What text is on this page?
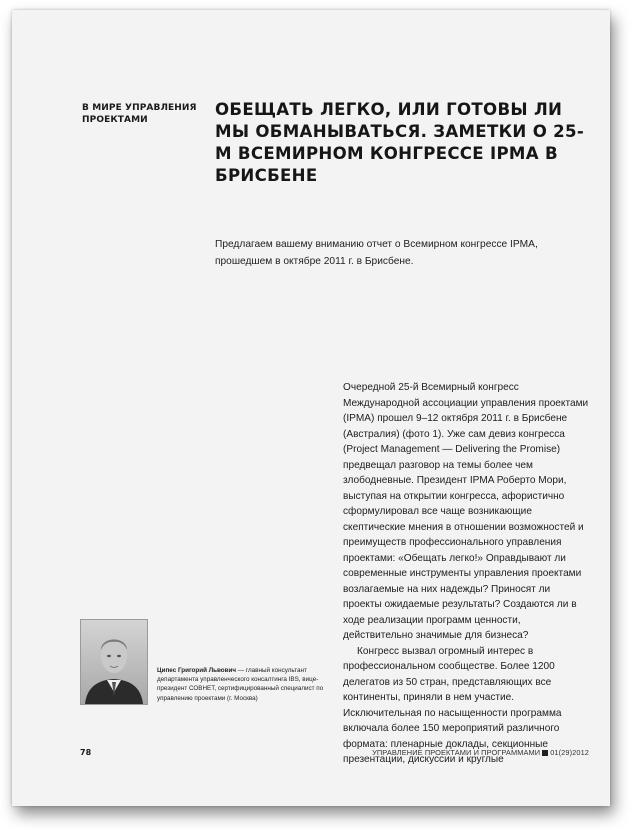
В МИРЕ УПРАВЛЕНИЯ ПРОЕКТАМИ
ОБЕЩАТЬ ЛЕГКО, ИЛИ ГОТОВЫ ЛИ МЫ ОБМАНЫВАТЬСЯ. ЗАМЕТКИ О 25-М ВСЕМИРНОМ КОНГРЕССЕ IPMA В БРИСБЕНЕ
Предлагаем вашему вниманию отчет о Всемирном конгрессе IPMA, прошедшем в октябре 2011 г. в Брисбене.

Очередной 25-й Всемирный конгресс Международной ассоциации управления проектами (IPMA) прошел 9–12 октября 2011 г. в Брисбене (Австралия) (фото 1). Уже сам девиз конгресса (Project Management — Delivering the Promise) предвещал разговор на темы более чем злободневные. Президент IPMA Роберто Мори, выступая на открытии конгресса, афористично сформулировал все чаще возникающие скептические мнения в отношении возможностей и преимуществ профессионального управления проектами: «Обещать легко!» Оправдывают ли современные инструменты управления проектами возлагаемые на них надежды? Приносят ли проекты ожидаемые результаты? Создаются ли в ходе реализации программ ценности, действительно значимые для бизнеса?

Конгресс вызвал огромный интерес в профессиональном сообществе. Более 1200 делегатов из 50 стран, представляющих все континенты, приняли в нем участие. Исключительная по насыщенности программа включала более 150 мероприятий различного формата: пленарные доклады, секционные презентации, дискуссии и круглые

Ципес Григорий Львович — главный консультант департамента управленческого консалтинга IBS, вице-президент СОВНЕТ, сертифицированный специалист по управлению проектами (г. Москва)
78	УПРАВЛЕНИЕ ПРОЕКТАМИ И ПРОГРАММАМИ 01(29)2012
